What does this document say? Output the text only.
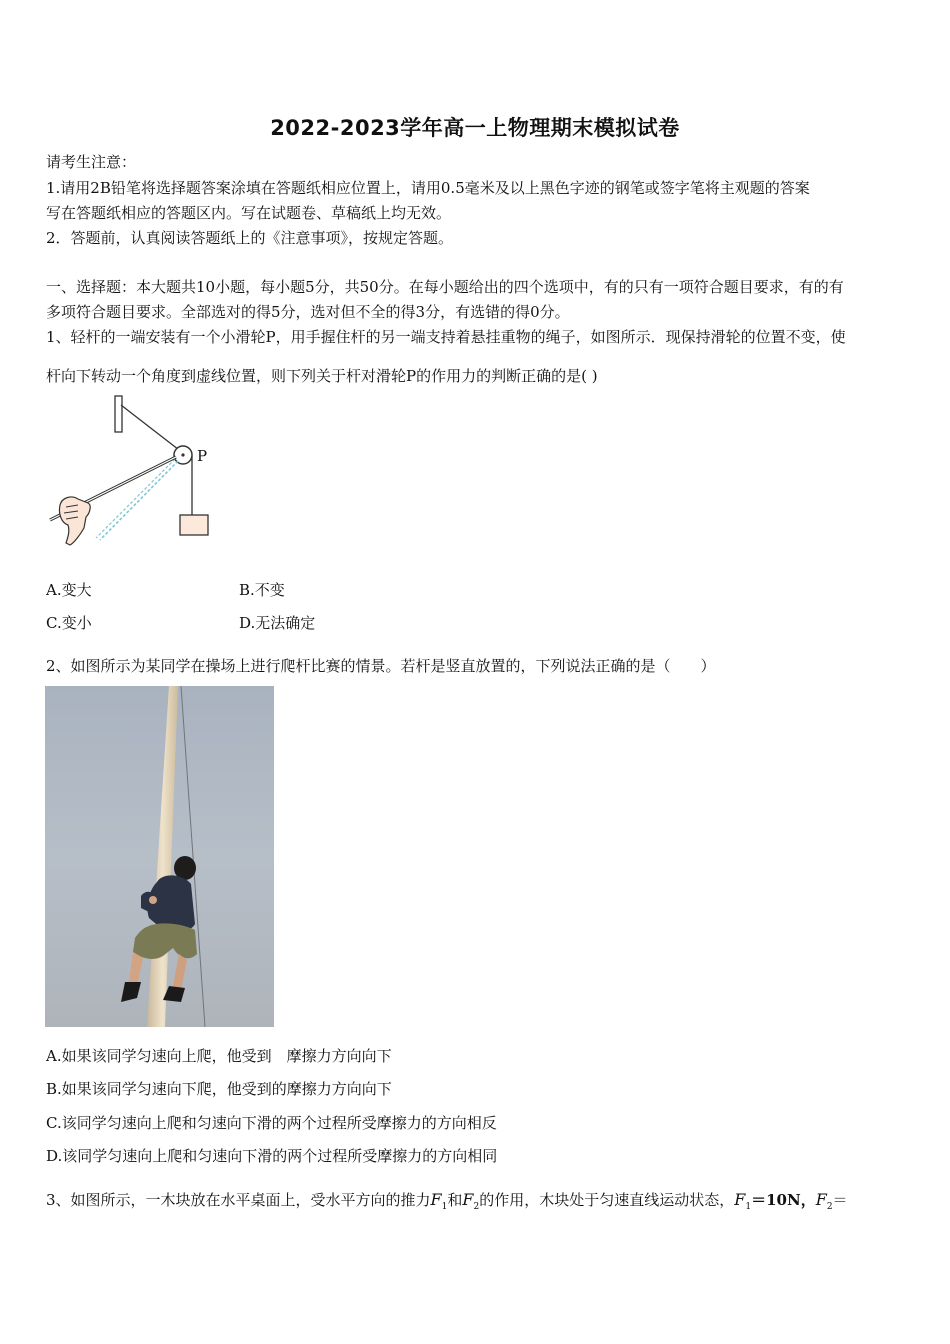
2022-2023学年高一上物理期末模拟试卷
请考生注意：
1.请用2B铅笔将选择题答案涂填在答题纸相应位置上，请用0.5毫米及以上黑色字迹的钢笔或签字笔将主观题的答案
写在答题纸相应的答题区内。写在试题卷、草稿纸上均无效。
2．答题前，认真阅读答题纸上的《注意事项》，按规定答题。
一、选择题：本大题共10小题，每小题5分，共50分。在每小题给出的四个选项中，有的只有一项符合题目要求，有的有
多项符合题目要求。全部选对的得5分，选对但不全的得3分，有选错的得0分。
1、轻杆的一端安装有一个小滑轮P，用手握住杆的另一端支持着悬挂重物的绳子，如图所示．现保持滑轮的位置不变，使
杆向下转动一个角度到虚线位置，则下列关于杆对滑轮P的作用力的判断正确的是( )
P
A.变大	B.不变
C.变小	D.无法确定
2、如图所示为某同学在操场上进行爬杆比赛的情景。若杆是竖直放置的，下列说法正确的是（　　）
A.如果该同学匀速向上爬，他受到　摩擦力方向向下
B.如果该同学匀速向下爬，他受到的摩擦力方向向下
C.该同学匀速向上爬和匀速向下滑的两个过程所受摩擦力的方向相反
D.该同学匀速向上爬和匀速向下滑的两个过程所受摩擦力的方向相同
3、如图所示，一木块放在水平桌面上，受水平方向的推力$F_1$和$F_2$的作用，木块处于匀速直线运动状态，$F_1=10N$，$F_2=$
